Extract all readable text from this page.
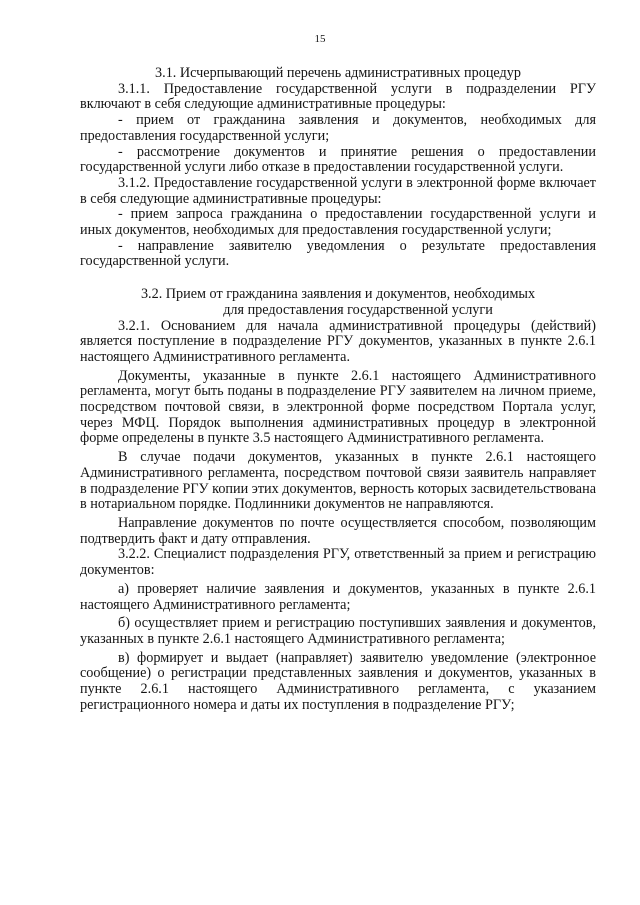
15

3.1. Исчерпывающий перечень административных процедур

3.1.1. Предоставление государственной услуги в подразделении РГУ включают в себя следующие административные процедуры:

- прием от гражданина заявления и документов, необходимых для предоставления государственной услуги;

- рассмотрение документов и принятие решения о предоставлении государственной услуги либо отказе в предоставлении государственной услуги.

3.1.2. Предоставление государственной услуги в электронной форме включает в себя следующие административные процедуры:

- прием запроса гражданина о предоставлении государственной услуги и иных документов, необходимых для предоставления государственной услуги;

- направление заявителю уведомления о результате предоставления государственной услуги.

3.2. Прием от гражданина заявления и документов, необходимых

для предоставления государственной услуги

3.2.1. Основанием для начала административной процедуры (действий) является поступление в подразделение РГУ документов, указанных в пункте 2.6.1 настоящего Административного регламента.

Документы, указанные в пункте 2.6.1 настоящего Административного регламента, могут быть поданы в подразделение РГУ заявителем на личном приеме, посредством почтовой связи, в электронной форме посредством Портала услуг, через МФЦ. Порядок выполнения административных процедур в электронной форме определены в пункте 3.5 настоящего Административного регламента.

В случае подачи документов, указанных в пункте 2.6.1 настоящего Административного регламента, посредством почтовой связи заявитель направляет в подразделение РГУ копии этих документов, верность которых засвидетельствована в нотариальном порядке. Подлинники документов не направляются.

Направление документов по почте осуществляется способом, позволяющим подтвердить факт и дату отправления.

3.2.2. Специалист подразделения РГУ, ответственный за прием и регистрацию документов:

а) проверяет наличие заявления и документов, указанных в пункте 2.6.1 настоящего Административного регламента;

б) осуществляет прием и регистрацию поступивших заявления и документов, указанных в пункте 2.6.1 настоящего Административного регламента;

в) формирует и выдает (направляет) заявителю уведомление (электронное сообщение) о регистрации представленных заявления и документов, указанных в пункте 2.6.1 настоящего Административного регламента, с указанием регистрационного номера и даты их поступления в подразделение РГУ;
